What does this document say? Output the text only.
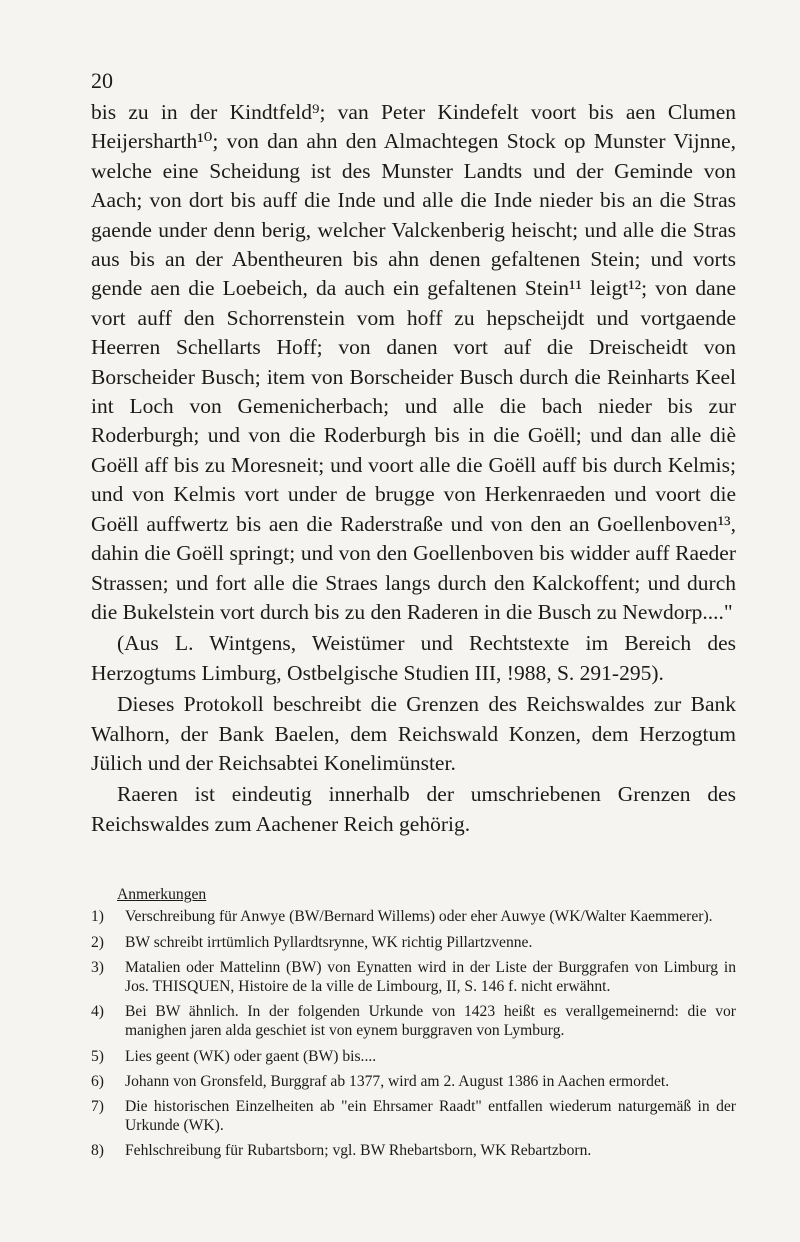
20

bis zu in der Kindtfeld⁹; van Peter Kindefelt voort bis aen Clumen Heijersharth¹⁰; von dan ahn den Almachtegen Stock op Munster Vijnne, welche eine Scheidung ist des Munster Landts und der Geminde von Aach; von dort bis auff die Inde und alle die Inde nieder bis an die Stras gaende under denn berig, welcher Valckenberig heischt; und alle die Stras aus bis an der Abentheuren bis ahn denen gefaltenen Stein; und vorts gende aen die Loebeich, da auch ein gefaltenen Stein¹¹ leigt¹²; von dane vort auff den Schorrenstein vom hoff zu hepscheijdt und vortgaende Heerren Schellarts Hoff; von danen vort auf die Dreischeidt von Borscheider Busch; item von Borscheider Busch durch die Reinharts Keel int Loch von Gemenicherbach; und alle die bach nieder bis zur Roderburgh; und von die Roderburgh bis in die Goëll; und dan alle diè Goëll aff bis zu Moresneit; und voort alle die Goëll auff bis durch Kelmis; und von Kelmis vort under de brugge von Herkenraeden und voort die Goëll auffwertz bis aen die Raderstraße und von den an Goellenboven¹³, dahin die Goëll springt; und von den Goellenboven bis widder auff Raeder Strassen; und fort alle die Straes langs durch den Kalckoffent; und durch die Bukelstein vort durch bis zu den Raderen in die Busch zu Newdorp...."

(Aus L. Wintgens, Weistümer und Rechtstexte im Bereich des Herzogtums Limburg, Ostbelgische Studien III, !988, S. 291-295).

Dieses Protokoll beschreibt die Grenzen des Reichswaldes zur Bank Walhorn, der Bank Baelen, dem Reichswald Konzen, dem Herzogtum Jülich und der Reichsabtei Konelimünster.

Raeren ist eindeutig innerhalb der umschriebenen Grenzen des Reichswaldes zum Aachener Reich gehörig.

Anmerkungen
1)	Verschreibung für Anwye (BW/Bernard Willems) oder eher Auwye (WK/Walter Kaemmerer).
2)	BW schreibt irrtümlich Pyllardtsrynne, WK richtig Pillartzvenne.
3)	Matalien oder Mattelinn (BW) von Eynatten wird in der Liste der Burggrafen von Limburg in Jos. THISQUEN, Histoire de la ville de Limbourg, II, S. 146 f. nicht erwähnt.
4)	Bei BW ähnlich. In der folgenden Urkunde von 1423 heißt es verallgemeinernd: die vor manighen jaren alda geschiet ist von eynem burggraven von Lymburg.
5)	Lies geent (WK) oder gaent (BW) bis....
6)	Johann von Gronsfeld, Burggraf ab 1377, wird am 2. August 1386 in Aachen ermordet.
7)	Die historischen Einzelheiten ab "ein Ehrsamer Raadt" entfallen wiederum naturgemäß in der Urkunde (WK).
8)	Fehlschreibung für Rubartsborn; vgl. BW Rhebartsborn, WK Rebartzborn.
